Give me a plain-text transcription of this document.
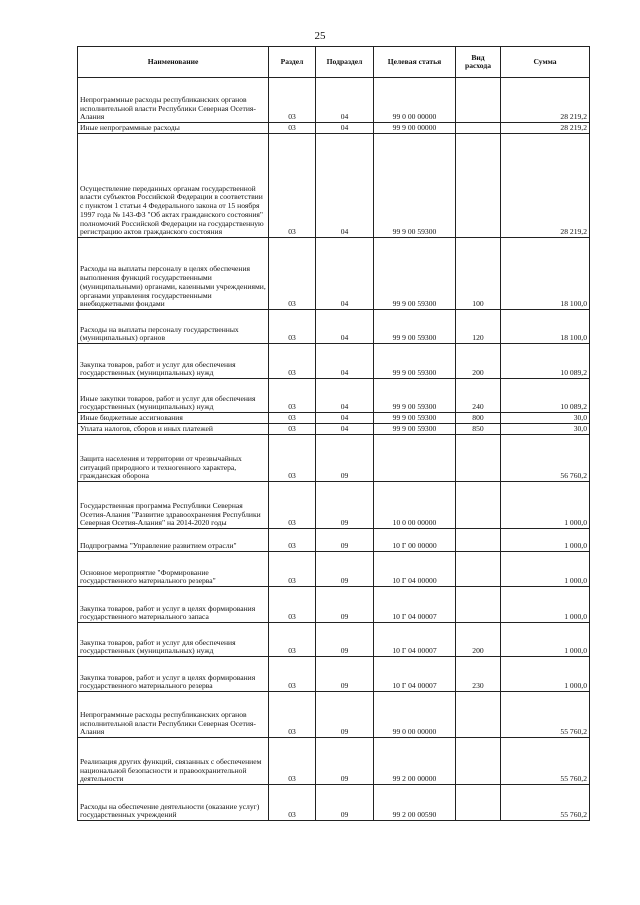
25
Наименование	Раздел	Подраздел	Целевая статья	Вид расхода	Сумма
Непрограммные расходы республиканских органов исполнительной власти Республики Северная Осетия-Алания	03	04	99 0 00 00000		28 219,2
Иные непрограммные расходы	03	04	99 9 00 00000		28 219,2
Осуществление переданных органам государственной власти субъектов Российской Федерации в соответствии с пунктом 1 статьи 4 Федерального закона от 15 ноября 1997 года № 143-ФЗ "Об актах гражданского состояния" полномочий Российской Федерации на государственную регистрацию актов гражданского состояния	03	04	99 9 00 59300		28 219,2
Расходы на выплаты персоналу в целях обеспечения выполнения функций государственными (муниципальными) органами, казенными учреждениями, органами управления государственными внебюджетными фондами	03	04	99 9 00 59300	100	18 100,0
Расходы на выплаты персоналу государственных (муниципальных) органов	03	04	99 9 00 59300	120	18 100,0
Закупка товаров, работ и услуг для обеспечения государственных (муниципальных) нужд	03	04	99 9 00 59300	200	10 089,2
Иные закупки товаров, работ и услуг для обеспечения государственных (муниципальных) нужд	03	04	99 9 00 59300	240	10 089,2
Иные бюджетные ассигнования	03	04	99 9 00 59300	800	30,0
Уплата налогов, сборов и иных платежей	03	04	99 9 00 59300	850	30,0
Защита населения и территории от чрезвычайных ситуаций природного и техногенного характера, гражданская оборона	03	09			56 760,2
Государственная программа Республики Северная Осетия-Алания "Развитие здравоохранения Республики Северная Осетия-Алания" на 2014-2020 годы	03	09	10 0 00 00000		1 000,0
Подпрограмма "Управление развитием отрасли"	03	09	10 Г 00 00000		1 000,0
Основное мероприятие "Формирование государственного материального резерва"	03	09	10 Г 04 00000		1 000,0
Закупка товаров, работ и услуг в целях формирования государственного материального запаса	03	09	10 Г 04 00007		1 000,0
Закупка товаров, работ и услуг для обеспечения государственных (муниципальных) нужд	03	09	10 Г 04 00007	200	1 000,0
Закупка товаров, работ и услуг в целях формирования государственного материального резерва	03	09	10 Г 04 00007	230	1 000,0
Непрограммные расходы республиканских органов исполнительной власти Республики Северная Осетия-Алания	03	09	99 0 00 00000		55 760,2
Реализация других функций, связанных с обеспечением национальной безопасности и правоохранительной деятельности	03	09	99 2 00 00000		55 760,2
Расходы на обеспечение деятельности (оказание услуг) государственных учреждений	03	09	99 2 00 00590		55 760,2
